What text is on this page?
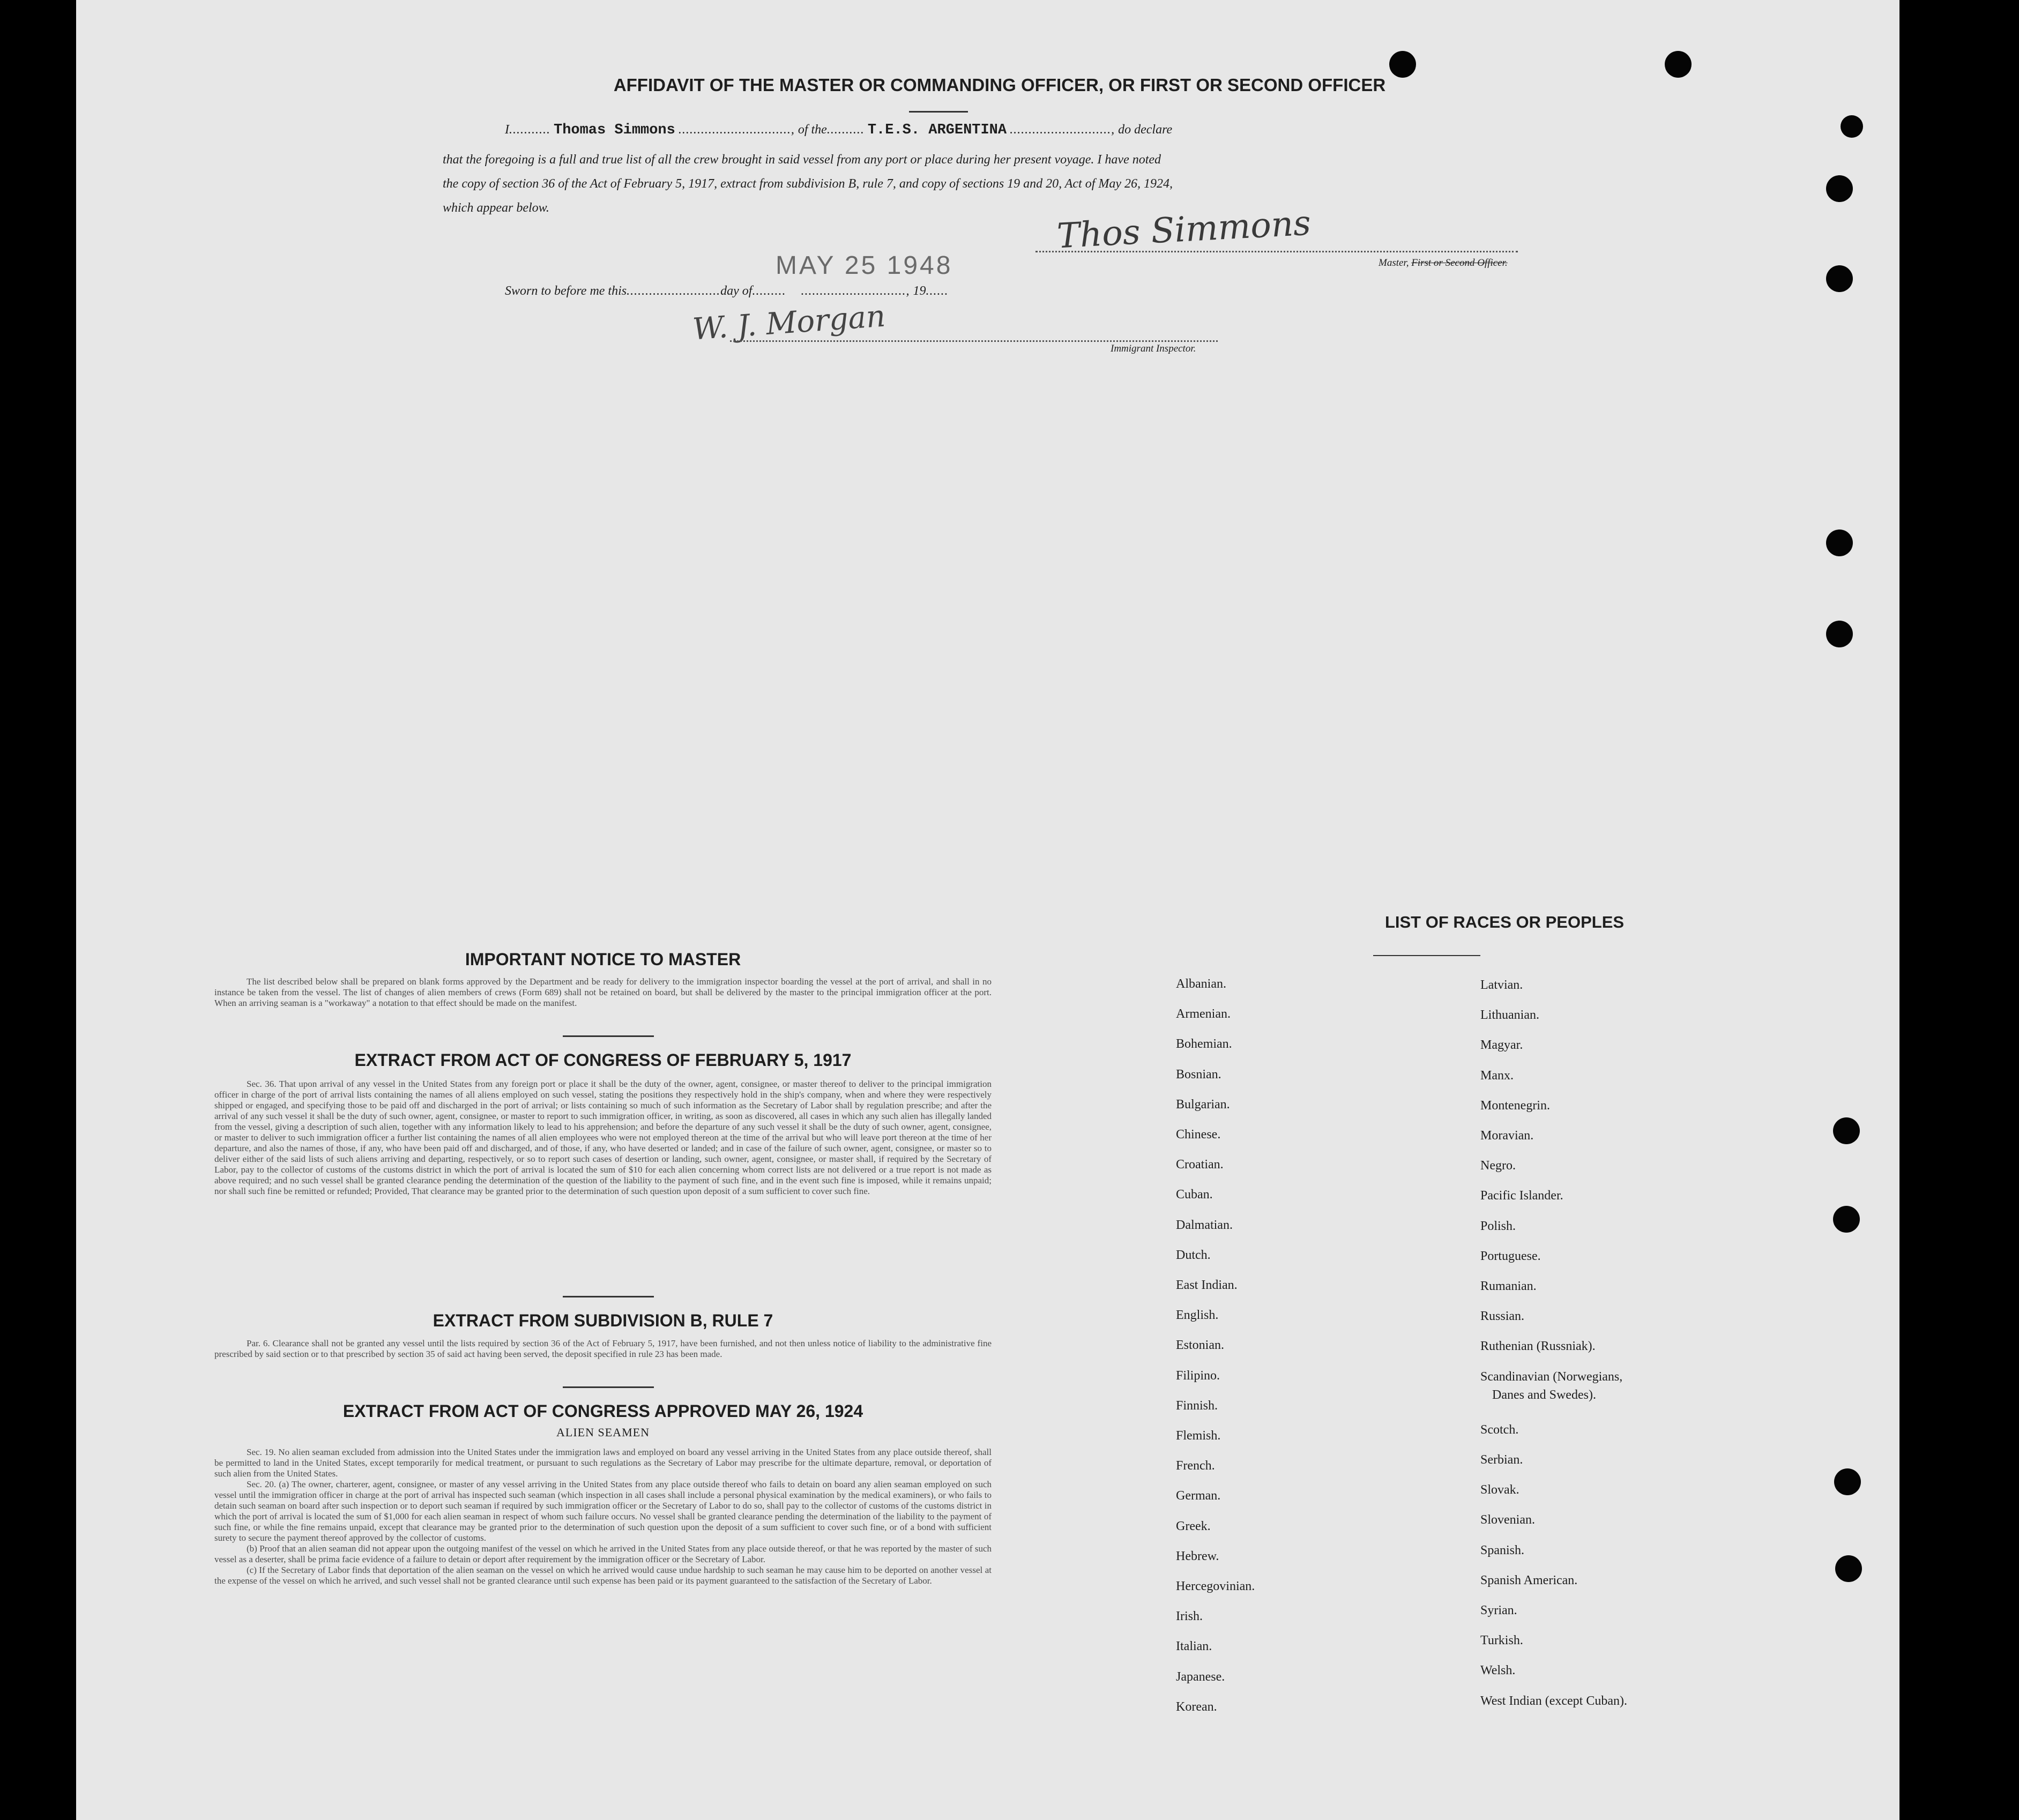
AFFIDAVIT OF THE MASTER OR COMMANDING OFFICER, OR FIRST OR SECOND OFFICER
I........... Thomas Simmons .............................., of the.......... T.E.S. ARGENTINA ..........................., do declare
that the foregoing is a full and true list of all the crew brought in said vessel from any port or place during her present voyage. I have noted
the copy of section 36 of the Act of February 5, 1917, extract from subdivision B, rule 7, and copy of sections 19 and 20, Act of May 26, 1924,
which appear below.	Thos Simmons
Master, First or Second Officer.
MAY 25 1948
Sworn to before me this.........................day of.........    ............................, 19......
W. J. Morgan
Immigrant Inspector.
IMPORTANT NOTICE TO MASTER
The list described below shall be prepared on blank forms approved by the Department and be ready for delivery to the immigration inspector boarding the vessel at the port of arrival, and shall in no instance be taken from the vessel. The list of changes of alien members of crews (Form 689) shall not be retained on board, but shall be delivered by the master to the principal immigration officer at the port. When an arriving seaman is a "workaway" a notation to that effect should be made on the manifest.
EXTRACT FROM ACT OF CONGRESS OF FEBRUARY 5, 1917
Sec. 36. That upon arrival of any vessel in the United States from any foreign port or place it shall be the duty of the owner, agent, consignee, or master thereof to deliver to the principal immigration officer in charge of the port of arrival lists containing the names of all aliens employed on such vessel, stating the positions they respectively hold in the ship's company, when and where they were respectively shipped or engaged, and specifying those to be paid off and discharged in the port of arrival; or lists containing so much of such information as the Secretary of Labor shall by regulation prescribe; and after the arrival of any such vessel it shall be the duty of such owner, agent, consignee, or master to report to such immigration officer, in writing, as soon as discovered, all cases in which any such alien has illegally landed from the vessel, giving a description of such alien, together with any information likely to lead to his apprehension; and before the departure of any such vessel it shall be the duty of such owner, agent, consignee, or master to deliver to such immigration officer a further list containing the names of all alien employees who were not employed thereon at the time of the arrival but who will leave port thereon at the time of her departure, and also the names of those, if any, who have been paid off and discharged, and of those, if any, who have deserted or landed; and in case of the failure of such owner, agent, consignee, or master so to deliver either of the said lists of such aliens arriving and departing, respectively, or so to report such cases of desertion or landing, such owner, agent, consignee, or master shall, if required by the Secretary of Labor, pay to the collector of customs of the customs district in which the port of arrival is located the sum of $10 for each alien concerning whom correct lists are not delivered or a true report is not made as above required; and no such vessel shall be granted clearance pending the determination of the question of the liability to the payment of such fine, and in the event such fine is imposed, while it remains unpaid; nor shall such fine be remitted or refunded; Provided, That clearance may be granted prior to the determination of such question upon deposit of a sum sufficient to cover such fine.
EXTRACT FROM SUBDIVISION B, RULE 7
Par. 6. Clearance shall not be granted any vessel until the lists required by section 36 of the Act of February 5, 1917, have been furnished, and not then unless notice of liability to the administrative fine prescribed by said section or to that prescribed by section 35 of said act having been served, the deposit specified in rule 23 has been made.
EXTRACT FROM ACT OF CONGRESS APPROVED MAY 26, 1924
ALIEN SEAMEN
Sec. 19. No alien seaman excluded from admission into the United States under the immigration laws and employed on board any vessel arriving in the United States from any place outside thereof, shall be permitted to land in the United States, except temporarily for medical treatment, or pursuant to such regulations as the Secretary of Labor may prescribe for the ultimate departure, removal, or deportation of such alien from the United States.
Sec. 20. (a) The owner, charterer, agent, consignee, or master of any vessel arriving in the United States from any place outside thereof who fails to detain on board any alien seaman employed on such vessel until the immigration officer in charge at the port of arrival has inspected such seaman (which inspection in all cases shall include a personal physical examination by the medical examiners), or who fails to detain such seaman on board after such inspection or to deport such seaman if required by such immigration officer or the Secretary of Labor to do so, shall pay to the collector of customs of the customs district in which the port of arrival is located the sum of $1,000 for each alien seaman in respect of whom such failure occurs. No vessel shall be granted clearance pending the determination of the liability to the payment of such fine, or while the fine remains unpaid, except that clearance may be granted prior to the determination of such question upon the deposit of a sum sufficient to cover such fine, or of a bond with sufficient surety to secure the payment thereof approved by the collector of customs.
(b) Proof that an alien seaman did not appear upon the outgoing manifest of the vessel on which he arrived in the United States from any place outside thereof, or that he was reported by the master of such vessel as a deserter, shall be prima facie evidence of a failure to detain or deport after requirement by the immigration officer or the Secretary of Labor.
(c) If the Secretary of Labor finds that deportation of the alien seaman on the vessel on which he arrived would cause undue hardship to such seaman he may cause him to be deported on another vessel at the expense of the vessel on which he arrived, and such vessel shall not be granted clearance until such expense has been paid or its payment guaranteed to the satisfaction of the Secretary of Labor.
LIST OF RACES OR PEOPLES
Albanian.
Armenian.
Bohemian.
Bosnian.
Bulgarian.
Chinese.
Croatian.
Cuban.
Dalmatian.
Dutch.
East Indian.
English.
Estonian.
Filipino.
Finnish.
Flemish.
French.
German.
Greek.
Hebrew.
Hercegovinian.
Irish.
Italian.
Japanese.
Korean.
Latvian.
Lithuanian.
Magyar.
Manx.
Montenegrin.
Moravian.
Negro.
Pacific Islander.
Polish.
Portuguese.
Rumanian.
Russian.
Ruthenian (Russniak).
Scandinavian (Norwegians,
Danes and Swedes).
Scotch.
Serbian.
Slovak.
Slovenian.
Spanish.
Spanish American.
Syrian.
Turkish.
Welsh.
West Indian (except Cuban).
